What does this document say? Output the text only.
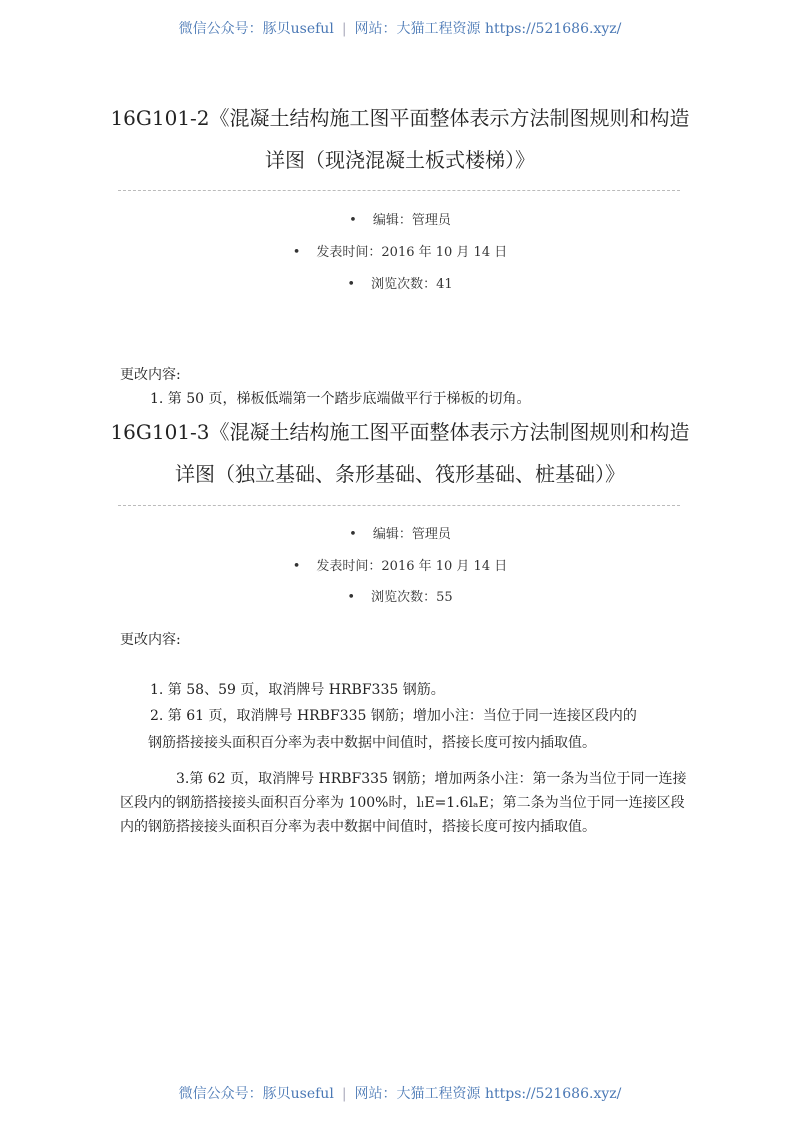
微信公众号：豚贝useful | 网站：大猫工程资源 https://521686.xyz/
16G101-2《混凝土结构施工图平面整体表示方法制图规则和构造
详图（现浇混凝土板式楼梯）》
• 编辑：管理员
• 发表时间：2016 年 10 月 14 日
• 浏览次数：41
更改内容:
1. 第 50 页，梯板低端第一个踏步底端做平行于梯板的切角。
16G101-3《混凝土结构施工图平面整体表示方法制图规则和构造
详图（独立基础、条形基础、筏形基础、桩基础）》
• 编辑：管理员
• 发表时间：2016 年 10 月 14 日
• 浏览次数：55
更改内容:
1. 第 58、59 页，取消牌号 HRBF335 钢筋。
2. 第 61 页，取消牌号 HRBF335 钢筋；增加小注：当位于同一连接区段内的
钢筋搭接接头面积百分率为表中数据中间值时，搭接长度可按内插取值。
3.第 62 页，取消牌号 HRBF335 钢筋；增加两条小注：第一条为当位于同一连接区段内的钢筋搭接接头面积百分率为 100%时，lₗE=1.6lₐE；第二条为当位于同一连接区段内的钢筋搭接接头面积百分率为表中数据中间值时，搭接长度可按内插取值。
微信公众号：豚贝useful | 网站：大猫工程资源 https://521686.xyz/
